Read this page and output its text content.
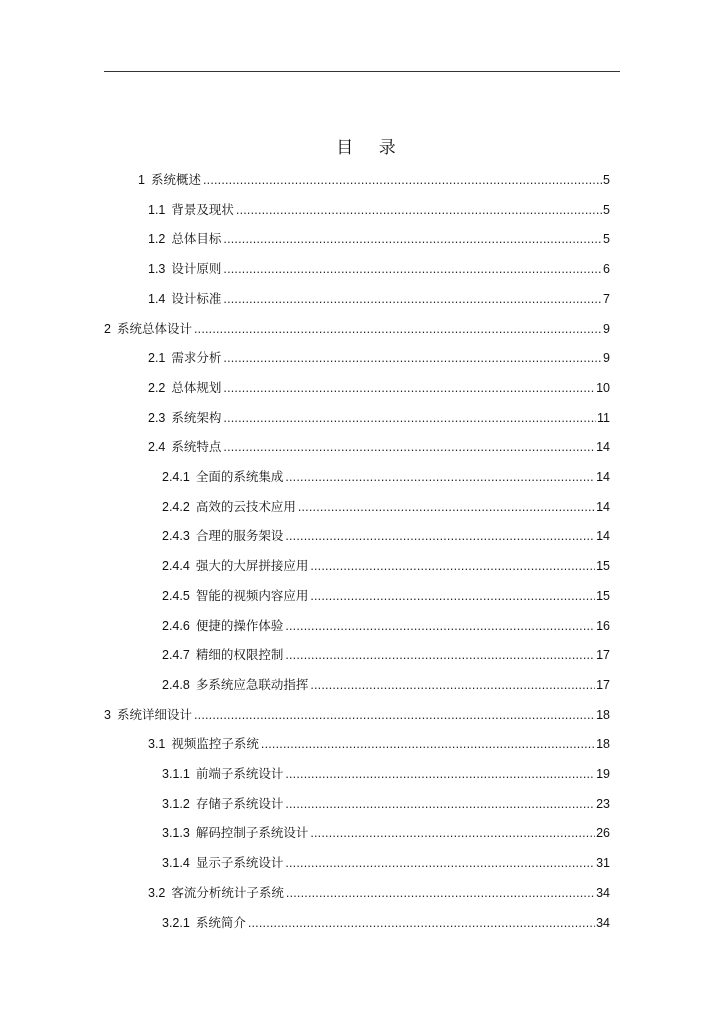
目 录
1 系统概述 .....	5
1.1 背景及现状 .....	5
1.2 总体目标 .....	5
1.3 设计原则 .....	6
1.4 设计标准 .....	7
2 系统总体设计 .....	9
2.1 需求分析 .....	9
2.2 总体规划 .....	10
2.3 系统架构 .....	11
2.4 系统特点 .....	14
2.4.1 全面的系统集成 .....	14
2.4.2 高效的云技术应用 .....	14
2.4.3 合理的服务架设 .....	14
2.4.4 强大的大屏拼接应用 .....	15
2.4.5 智能的视频内容应用 .....	15
2.4.6 便捷的操作体验 .....	16
2.4.7 精细的权限控制 .....	17
2.4.8 多系统应急联动指挥 .....	17
3 系统详细设计 .....	18
3.1 视频监控子系统 .....	18
3.1.1 前端子系统设计 .....	19
3.1.2 存储子系统设计 .....	23
3.1.3 解码控制子系统设计 .....	26
3.1.4 显示子系统设计 .....	31
3.2 客流分析统计子系统 .....	34
3.2.1 系统简介 .....	34
